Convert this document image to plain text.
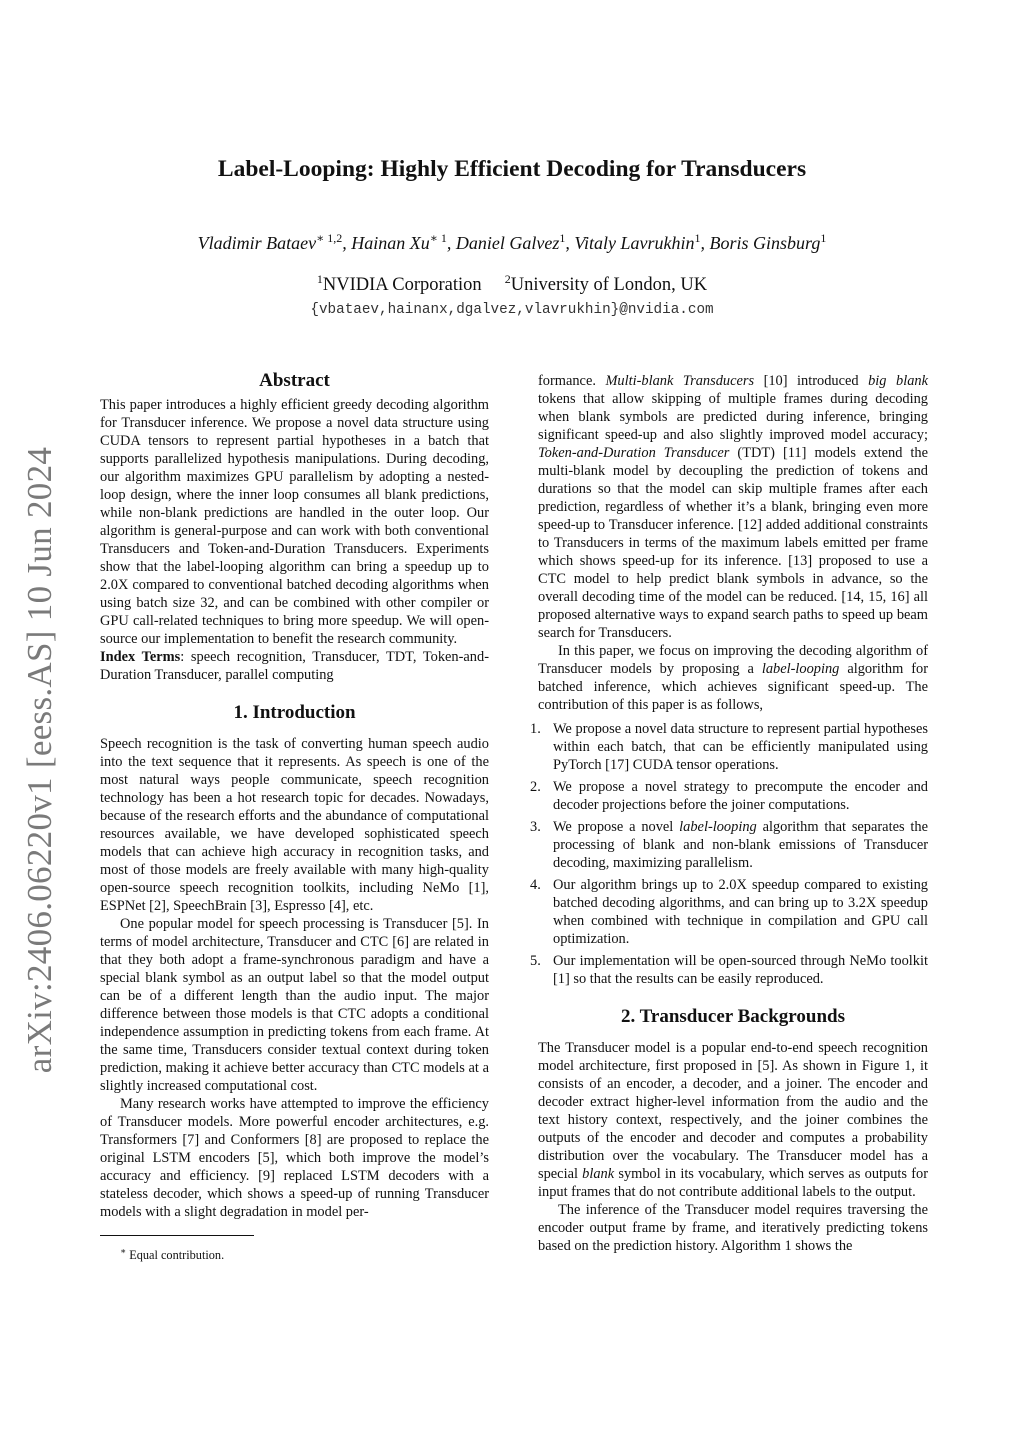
arXiv:2406.06220v1 [eess.AS] 10 Jun 2024
Label-Looping: Highly Efficient Decoding for Transducers
Vladimir Bataev$^{∗ 1,2}$, Hainan $Xu^{∗ 1}$, Daniel Galvez$^1$, Vitaly Lavrukhin$^1$, Boris Ginsburg$^1$
$^1$NVIDIA Corporation $^2$University of London, UK
{vbataev,hainanx,dgalvez,vlavrukhin}@nvidia.com
Abstract

This paper introduces a highly efficient greedy decoding algorithm for Transducer inference. We propose a novel data structure using CUDA tensors to represent partial hypotheses in a batch that supports parallelized hypothesis manipulations. During decoding, our algorithm maximizes GPU parallelism by adopting a nested-loop design, where the inner loop consumes all blank predictions, while non-blank predictions are handled in the outer loop. Our algorithm is general-purpose and can work with both conventional Transducers and Token-and-Duration Transducers. Experiments show that the label-looping algorithm can bring a speedup up to 2.0X compared to conventional batched decoding algorithms when using batch size 32, and can be combined with other compiler or GPU call-related techniques to bring more speedup. We will open-source our implementation to benefit the research community.

Index Terms: speech recognition, Transducer, TDT, Token-and-Duration Transducer, parallel computing

1. Introduction

Speech recognition is the task of converting human speech audio into the text sequence that it represents. As speech is one of the most natural ways people communicate, speech recognition technology has been a hot research topic for decades. Nowadays, because of the research efforts and the abundance of computational resources available, we have developed sophisticated speech models that can achieve high accuracy in recognition tasks, and most of those models are freely available with many high-quality open-source speech recognition toolkits, including NeMo [1], ESPNet [2], SpeechBrain [3], Espresso [4], etc.

One popular model for speech processing is Transducer [5]. In terms of model architecture, Transducer and CTC [6] are related in that they both adopt a frame-synchronous paradigm and have a special blank symbol as an output label so that the model output can be of a different length than the audio input. The major difference between those models is that CTC adopts a conditional independence assumption in predicting tokens from each frame. At the same time, Transducers consider textual context during token prediction, making it achieve better accuracy than CTC models at a slightly increased computational cost.

Many research works have attempted to improve the efficiency of Transducer models. More powerful encoder architectures, e.g. Transformers [7] and Conformers [8] are proposed to replace the original LSTM encoders [5], which both improve the model’s accuracy and efficiency. [9] replaced LSTM decoders with a stateless decoder, which shows a speed-up of running Transducer models with a slight degradation in model per-

∗ Equal contribution.

formance. Multi-blank Transducers [10] introduced big blank tokens that allow skipping of multiple frames during decoding when blank symbols are predicted during inference, bringing significant speed-up and also slightly improved model accuracy; Token-and-Duration Transducer (TDT) [11] models extend the multi-blank model by decoupling the prediction of tokens and durations so that the model can skip multiple frames after each prediction, regardless of whether it’s a blank, bringing even more speed-up to Transducer inference. [12] added additional constraints to Transducers in terms of the maximum labels emitted per frame which shows speed-up for its inference. [13] proposed to use a CTC model to help predict blank symbols in advance, so the overall decoding time of the model can be reduced. [14, 15, 16] all proposed alternative ways to expand search paths to speed up beam search for Transducers.

In this paper, we focus on improving the decoding algorithm of Transducer models by proposing a label-looping algorithm for batched inference, which achieves significant speed-up. The contribution of this paper is as follows,

1. We propose a novel data structure to represent partial hypotheses within each batch, that can be efficiently manipulated using PyTorch [17] CUDA tensor operations.
2. We propose a novel strategy to precompute the encoder and decoder projections before the joiner computations.
3. We propose a novel label-looping algorithm that separates the processing of blank and non-blank emissions of Transducer decoding, maximizing parallelism.
4. Our algorithm brings up to 2.0X speedup compared to existing batched decoding algorithms, and can bring up to 3.2X speedup when combined with technique in compilation and GPU call optimization.
5. Our implementation will be open-sourced through NeMo toolkit [1] so that the results can be easily reproduced.
2. Transducer Backgrounds

The Transducer model is a popular end-to-end speech recognition model architecture, first proposed in [5]. As shown in Figure 1, it consists of an encoder, a decoder, and a joiner. The encoder and decoder extract higher-level information from the audio and the text history context, respectively, and the joiner combines the outputs of the encoder and decoder and computes a probability distribution over the vocabulary. The Transducer model has a special blank symbol in its vocabulary, which serves as outputs for input frames that do not contribute additional labels to the output.

The inference of the Transducer model requires traversing the encoder output frame by frame, and iteratively predicting tokens based on the prediction history. Algorithm 1 shows the
